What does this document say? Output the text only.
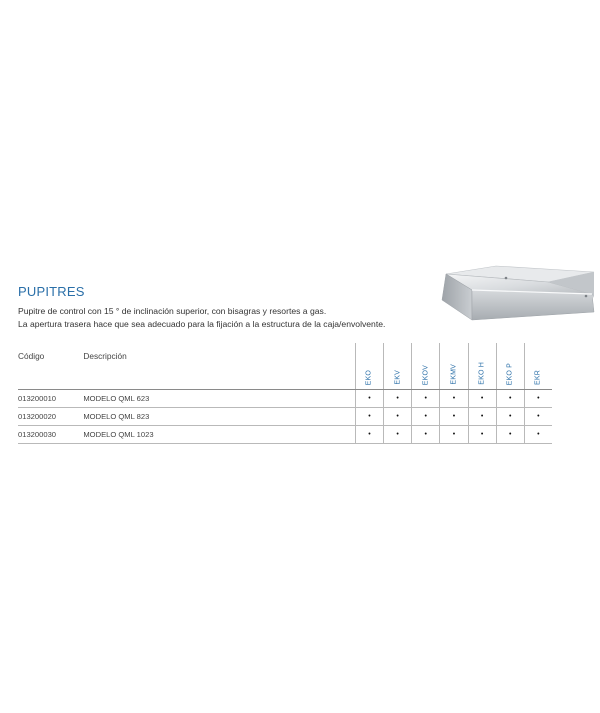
PUPITRES
Pupitre de control con 15 ° de inclinación superior, con bisagras y resortes a gas.
La apertura trasera hace que sea adecuado para la fijación a la estructura de la caja/envolvente.
Código	Descripción	EKO	EKV	EKOV	EKMV	EKO H	EKO P	EKR

013200010	MODELO QML 623	•	•	•	•	•	•	•
013200020	MODELO QML 823	•	•	•	•	•	•	•
013200030	MODELO QML 1023	•	•	•	•	•	•	•
